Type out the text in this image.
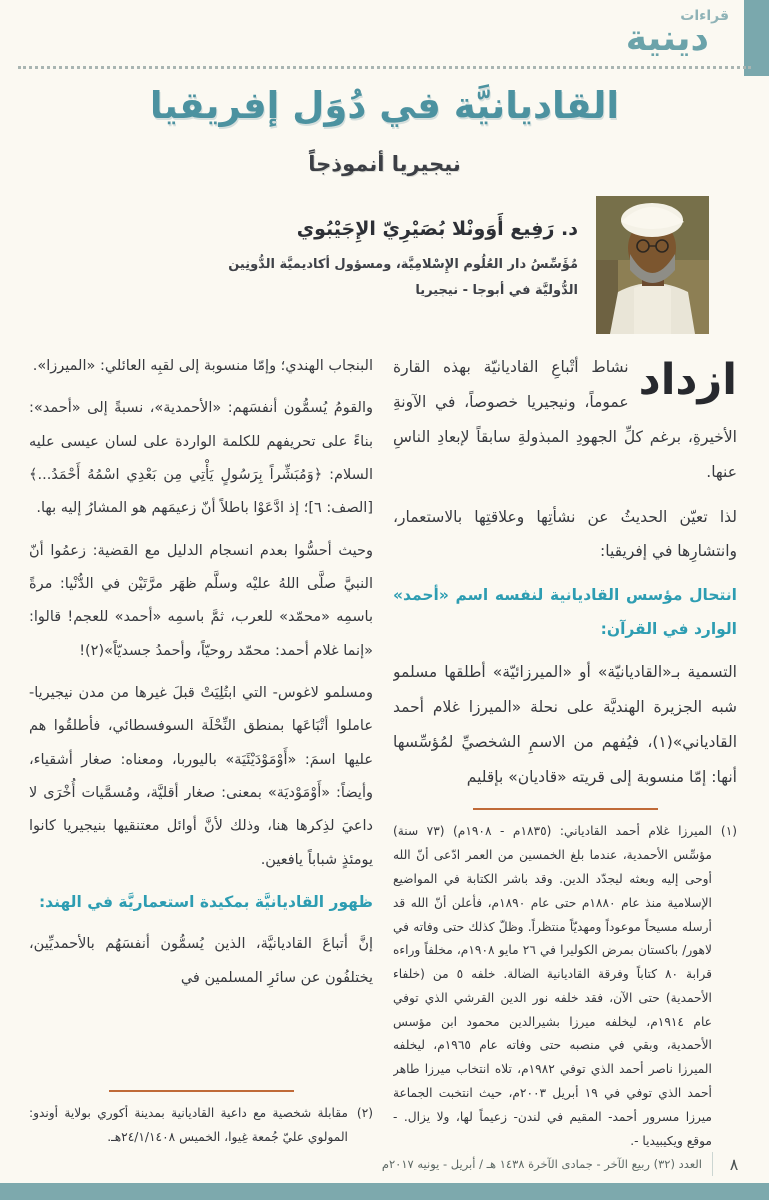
قراءات
دينية
القاديانيَّة في دُوَل إفريقيا
نيجيريا أنموذجاً
د. رَفِيع أَوَونْلا بُصَيْرِيّ الإِجَيْبُوي
مُؤَسِّسُ دار العُلُوم الإِسْلامِيَّة، ومسؤول أكاديميَّة الدُّونِين
الدُّوليَّة في أبوجا - نيجيريا

ازداد
نشاط أتْباعِ القاديانيّة بهذه القارة عموماً، ونيجيريا خصوصاً، في الآونةِ الأخيرةِ، برغم كلِّ الجهودِ المبذولةِ سابقاً لإبعادِ الناسِ عنها.

لذا تعيّن الحديثُ عن نشأتِها وعلاقتِها بالاستعمار، وانتشارِها في إفريقيا:

انتحال مؤسس القاديانية لنفسه اسم «أحمد» الوارد في القرآن:

التسمية بـ«القاديانيّة» أو «الميرزائيّة» أطلقها مسلمو شبه الجزيرة الهنديَّة على نحلة «الميرزا غلام أحمد القادياني»(١)، فيُفهم من الاسمِ الشخصيِّ لمُؤسِّسها أنها: إمّا منسوبة إلى قريته «قاديان» بإقليم

(١)
الميرزا غلام أحمد القادياني: (١٨٣٥م - ١٩٠٨م) (٧٣ سنة) مؤسِّس الأحمدية، عندما بلغ الخمسين من العمر ادّعى أنّ الله أوحى إليه وبعثه ليجدّد الدين. وقد باشر الكتابة في المواضيع الإسلامية منذ عام ١٨٨٠م حتى عام ١٨٩٠م، فأعلن أنّ الله قد أرسله مسيحاً موعوداً ومهديّاً منتظراً. وظلّ كذلك حتى وفاته في لاهور/ باكستان بمرض الكوليرا في ٢٦ مايو ١٩٠٨م، مخلفاً وراءه قرابة ٨٠ كتاباً وفرقة القاديانية الضالة. خلفه ٥ من (خلفاء الأحمدية) حتى الآن، فقد خلفه نور الدين القرشي الذي توفي عام ١٩١٤م، ليخلفه ميرزا بشيرالدين محمود ابن مؤسس الأحمدية، وبقي في منصبه حتى وفاته عام ١٩٦٥م، ليخلفه الميرزا ناصر أحمد الذي توفي ١٩٨٢م، تلاه انتخاب ميرزا طاهر أحمد الذي توفي في ١٩ أبريل ٢٠٠٣م، حيث انتخبت الجماعة ميرزا مسرور أحمد- المقيم في لندن- زعيماً لها، ولا يزال. - موقع ويكيبيديا -.

البنجاب الهندي؛ وإمّا منسوبة إلى لقبِه العائلي: «الميرزا».

والقومُ يُسمُّون أنفسَهم: «الأحمدية»، نسبةً إلى «أحمد»: بناءً على تحريفهم للكلمة الواردة على لسان عيسى عليه السلام: ﴿وَمُبَشِّراً بِرَسُولٍ يَأْتِي مِن بَعْدِي اسْمُهُ أَحْمَدُ...﴾ [الصف: ٦]؛ إذ ادَّعَوْا باطلاً أنّ زعيمَهم هو المشارُ إليه بها.

وحيث أحسُّوا بعدم انسجام الدليل مع القضية: زعمُوا أنّ النبيَّ صلَّى اللهُ عليْه وسلَّم ظهَر مرَّتَيْن في الدُّنْيا: مرةً باسمِه «محمّد» للعرب، ثمَّ باسمِه «أحمد» للعجم! قالوا: «إنما غلام أحمد: محمّد روحيّاً، وأحمدُ جسديّاً»(٢)!

ومسلمو لاغوس- التي ابتُلِيَتْ قبلَ غيرها من مدن نيجيريا- عاملوا أتْبَاعَها بمنطق النِّحْلَة السوفسطائي، فأطلقُوا هم عليها اسمَ: «أَوْمَوْدَيْئَيَة» باليوربا، ومعناه: صغار أشقياء، وأيضاً: «أَوْمَوْديَة» بمعنى: صغار أقليَّة، ومُسمَّيات أُخْرَى لا داعيَ لذِكرها هنا، وذلك لأنَّ أوائل معتنقيها بنيجيريا كانوا يومئذٍ شباباً يافعين.

ظهور القاديانيَّة بمكيدة استعماريَّة في الهند:

إنَّ أتباعَ القاديانيَّة، الذين يُسمُّون أنفسَهُم بالأحمديِّين، يختلفُون عن سائرِ المسلمين في

(٢)
مقابلة شخصية مع داعية القاديانية بمدينة أكوري بولاية أوندو: المولوي عليّ جُمعة غِيوا، الخميس ٢٤/١/١٤٠٨هـ.
٨
العدد (٣٢) ربيع الآخر - جمادى الآخرة ١٤٣٨ هـ / أبريل - يونيه ٢٠١٧م
